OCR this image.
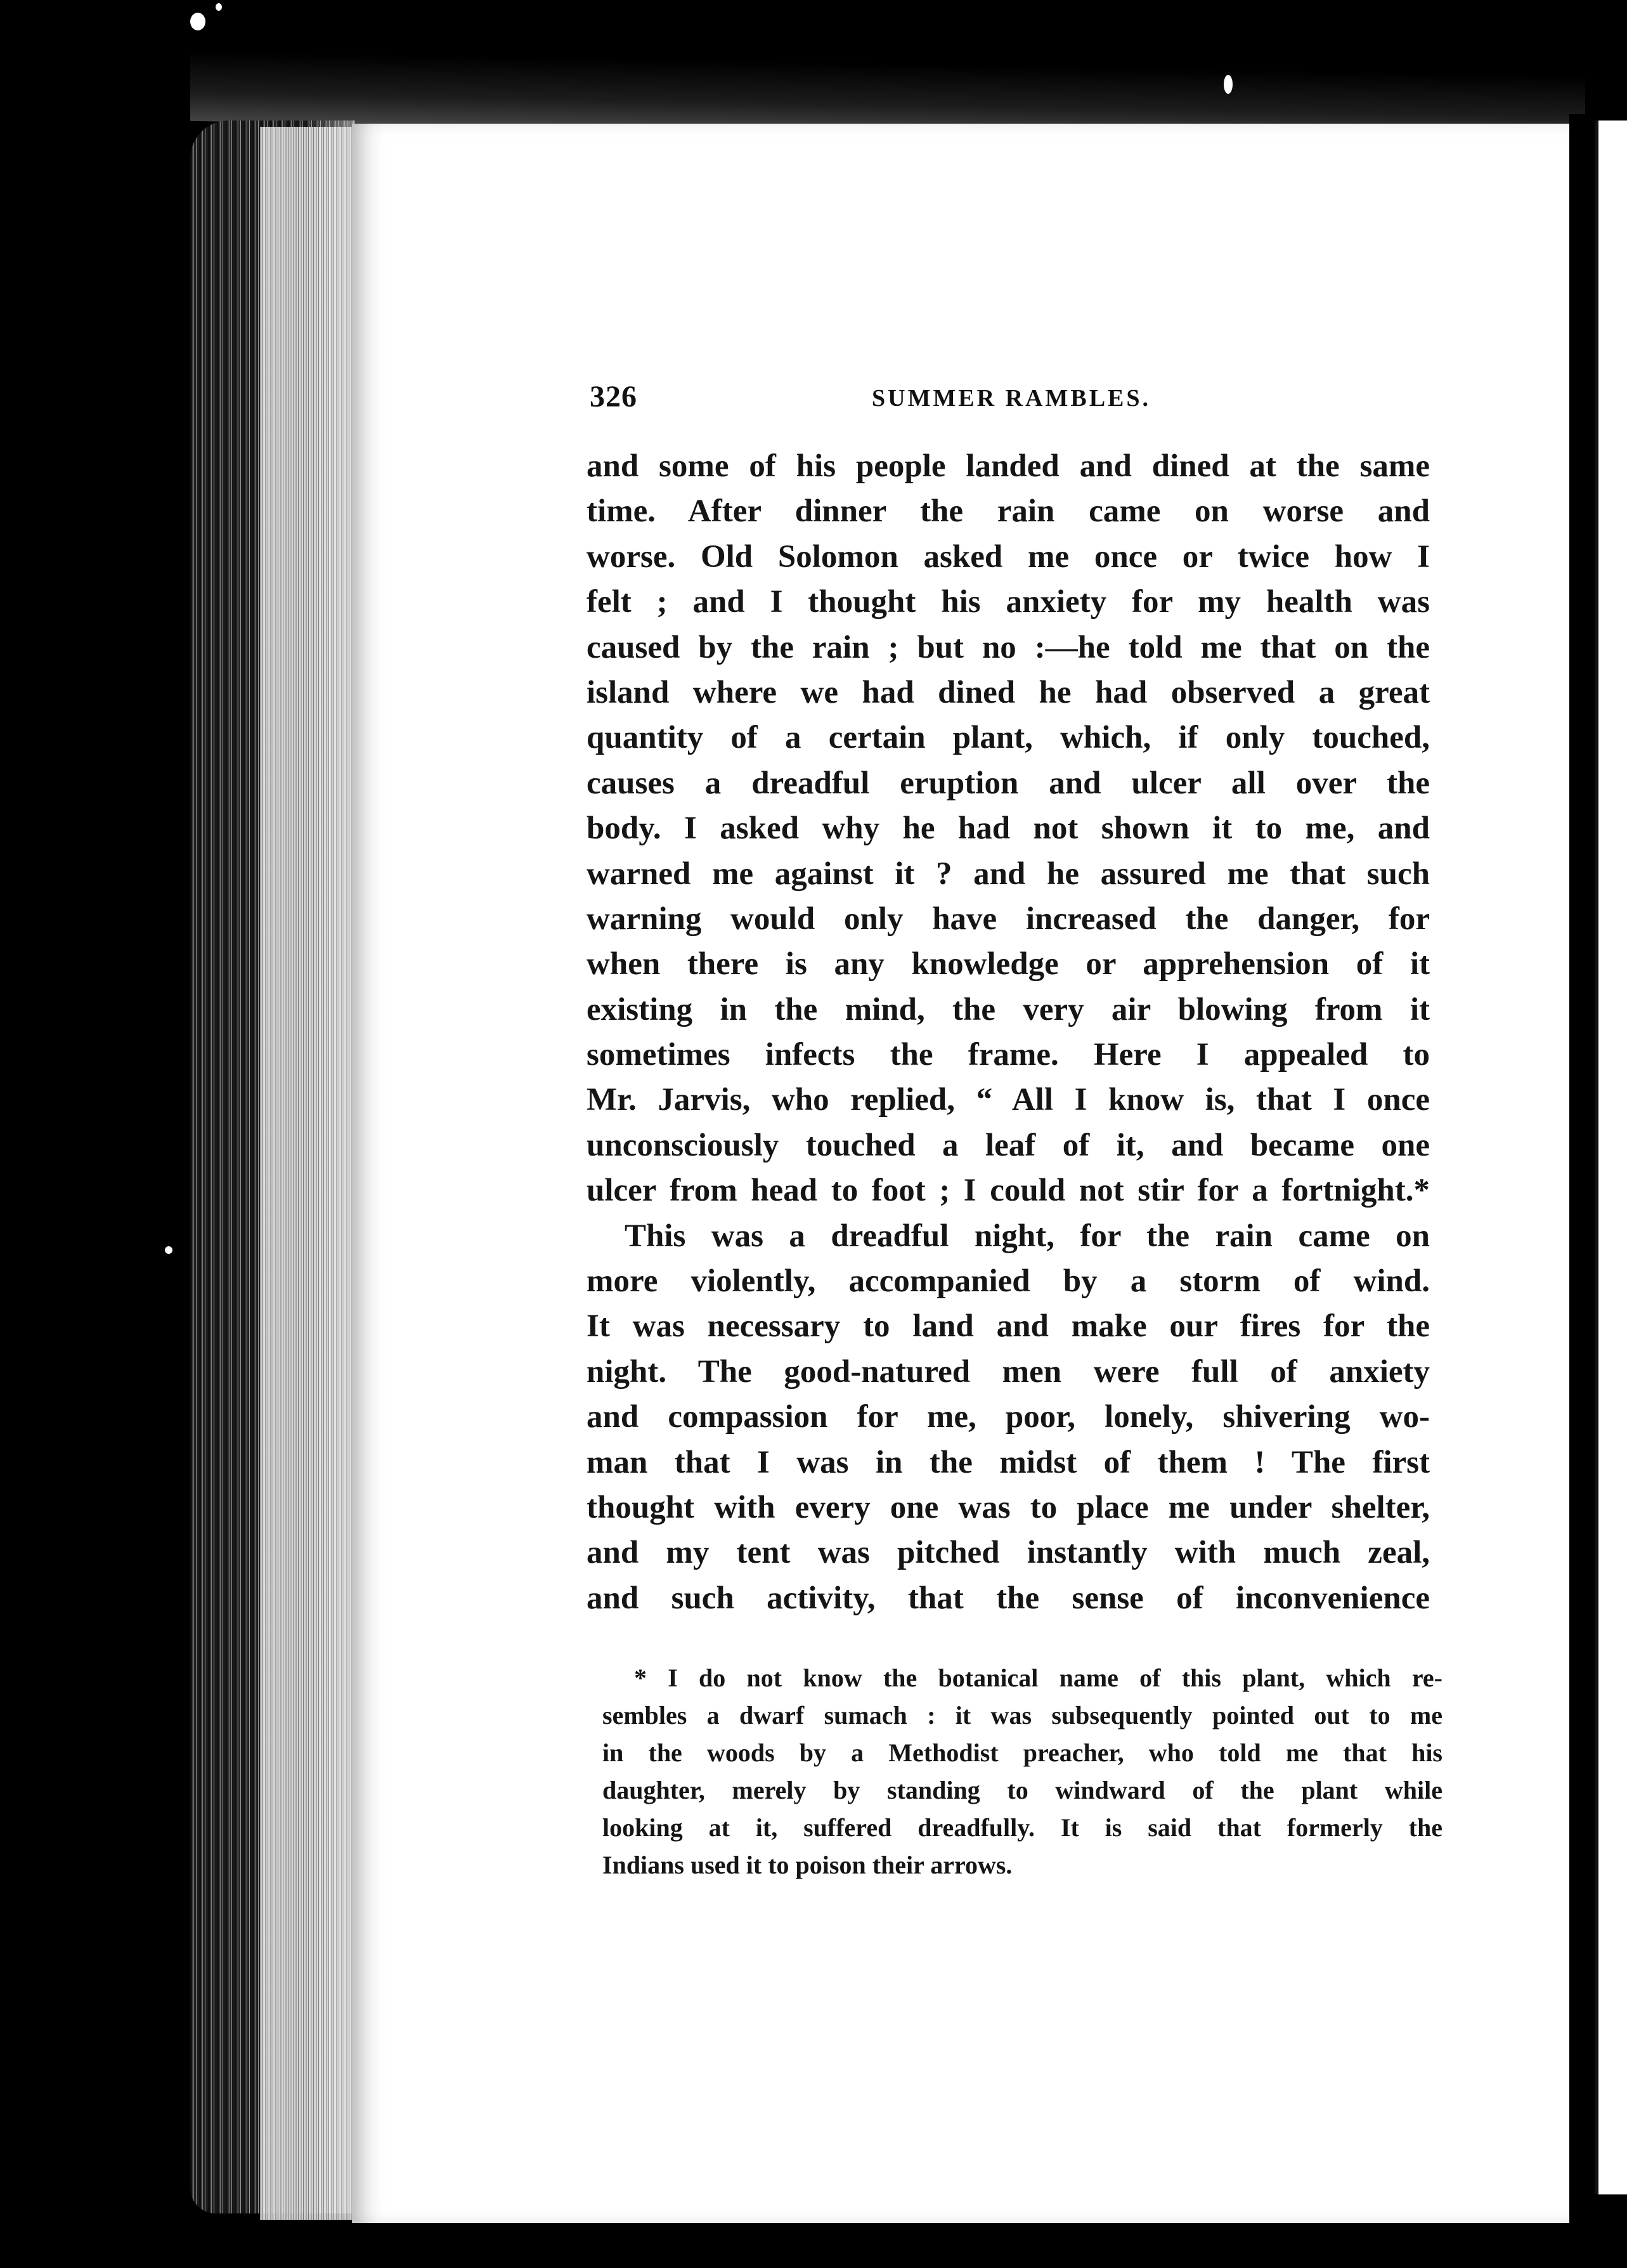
326	SUMMER RAMBLES.
and some of his people landed and dined at the same
time. After dinner the rain came on worse and
worse. Old Solomon asked me once or twice how I
felt ; and I thought his anxiety for my health was
caused by the rain ; but no :—he told me that on the
island where we had dined he had observed a great
quantity of a certain plant, which, if only touched,
causes a dreadful eruption and ulcer all over the
body. I asked why he had not shown it to me, and
warned me against it ? and he assured me that such
warning would only have increased the danger, for
when there is any knowledge or apprehension of it
existing in the mind, the very air blowing from it
sometimes infects the frame. Here I appealed to
Mr. Jarvis, who replied, “ All I know is, that I once
unconsciously touched a leaf of it, and became one
ulcer from head to foot ; I could not stir for a fortnight.*
This was a dreadful night, for the rain came on
more violently, accompanied by a storm of wind.
It was necessary to land and make our fires for the
night. The good-natured men were full of anxiety
and compassion for me, poor, lonely, shivering wo-
man that I was in the midst of them ! The first
thought with every one was to place me under shelter,
and my tent was pitched instantly with much zeal,
and such activity, that the sense of inconvenience
* I do not know the botanical name of this plant, which re-
sembles a dwarf sumach : it was subsequently pointed out to me
in the woods by a Methodist preacher, who told me that his
daughter, merely by standing to windward of the plant while
looking at it, suffered dreadfully. It is said that formerly the
Indians used it to poison their arrows.
